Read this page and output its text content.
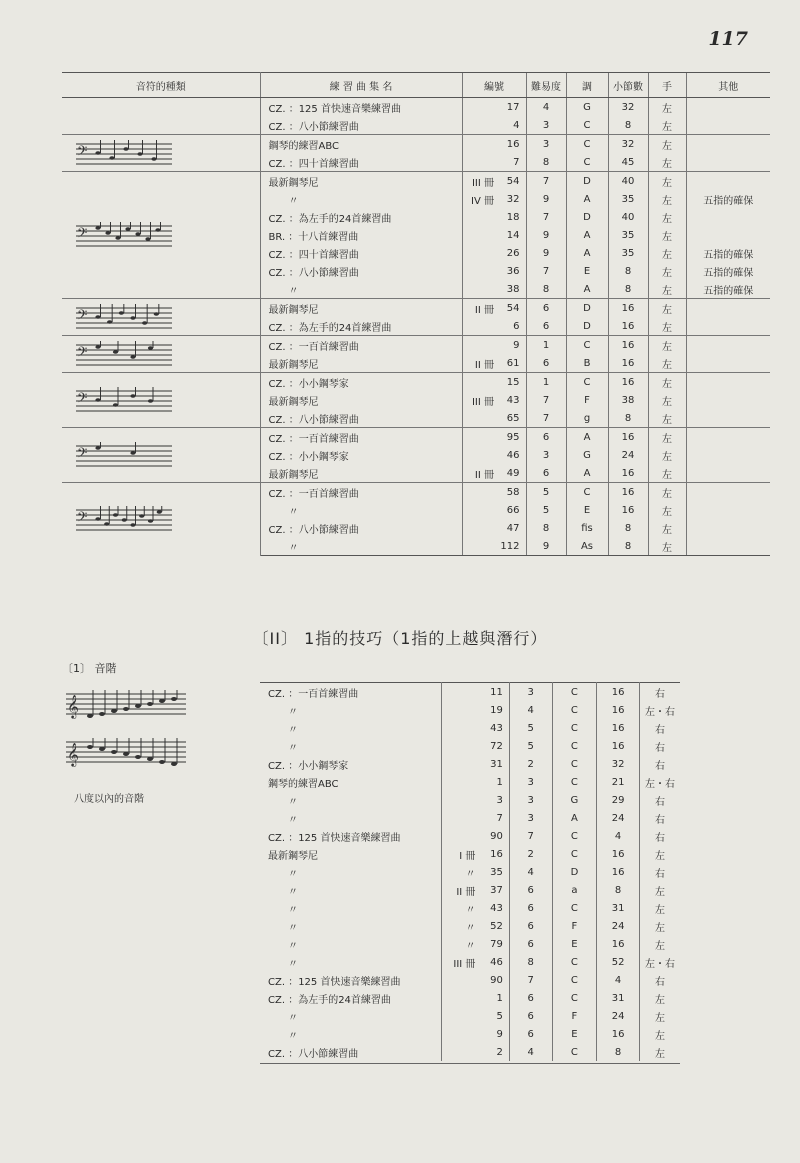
117
音符的種類	練 習 曲 集 名	編號		難易度	調	小節數	手	其他
	CZ. ：125 首快速音樂練習曲		17	4	G	32	左	
	CZ. ：八小節練習曲		4	3	C	8	左	

𝄢	鋼琴的練習ABC		16	3	C	32	左	
	CZ. ：四十首練習曲		7	8	C	45	左	

𝄢	最新鋼琴尼	III 冊	54	7	D	40	左	
	　　〃	IV 冊	32	9	A	35	左	五指的確保
	CZ. ：為左手的24首練習曲		18	7	D	40	左	
	BR. ：十八首練習曲		14	9	A	35	左	
	CZ. ：四十首練習曲		26	9	A	35	左	五指的確保
	CZ. ：八小節練習曲		36	7	E	8	左	五指的確保
	　　〃		38	8	A	8	左	五指的確保

𝄢	最新鋼琴尼	II 冊	54	6	D	16	左	
	CZ. ：為左手的24首練習曲		6	6	D	16	左	

𝄢	CZ. ：一百首練習曲		9	1	C	16	左	
	最新鋼琴尼	II 冊	61	6	B	16	左	

𝄢	CZ. ：小小鋼琴家		15	1	C	16	左	
	最新鋼琴尼	III 冊	43	7	F	38	左	
	CZ. ：八小節練習曲		65	7	g	8	左	

𝄢	CZ. ：一百首練習曲		95	6	A	16	左	
	CZ. ：小小鋼琴家		46	3	G	24	左	
	最新鋼琴尼	II 冊	49	6	A	16	左	

𝄢	CZ. ：一百首練習曲		58	5	C	16	左	
	　　〃		66	5	E	16	左	
	CZ. ：八小節練習曲		47	8	fis	8	左	
	　　〃		112	9	As	8	左	
〔II〕 1指的技巧（1指的上越與潛行）
〔1〕 音階
𝄞
𝄞
八度以內的音階
CZ. ：一百首練習曲		11	3	C	16	右
　　〃		19	4	C	16	左・右
　　〃		43	5	C	16	右
　　〃		72	5	C	16	右
CZ. ：小小鋼琴家		31	2	C	32	右
鋼琴的練習ABC		1	3	C	21	左・右
　　〃		3	3	G	29	右
　　〃		7	3	A	24	右
CZ. ：125 首快速音樂練習曲		90	7	C	4	右
最新鋼琴尼	I 冊	16	2	C	16	左
　　〃	〃	35	4	D	16	右
　　〃	II 冊	37	6	a	8	左
　　〃	〃	43	6	C	31	左
　　〃	〃	52	6	F	24	左
　　〃	〃	79	6	E	16	左
　　〃	III 冊	46	8	C	52	左・右
CZ. ：125 首快速音樂練習曲		90	7	C	4	右
CZ. ：為左手的24首練習曲		1	6	C	31	左
　　〃		5	6	F	24	左
　　〃		9	6	E	16	左
CZ. ：八小節練習曲		2	4	C	8	左
